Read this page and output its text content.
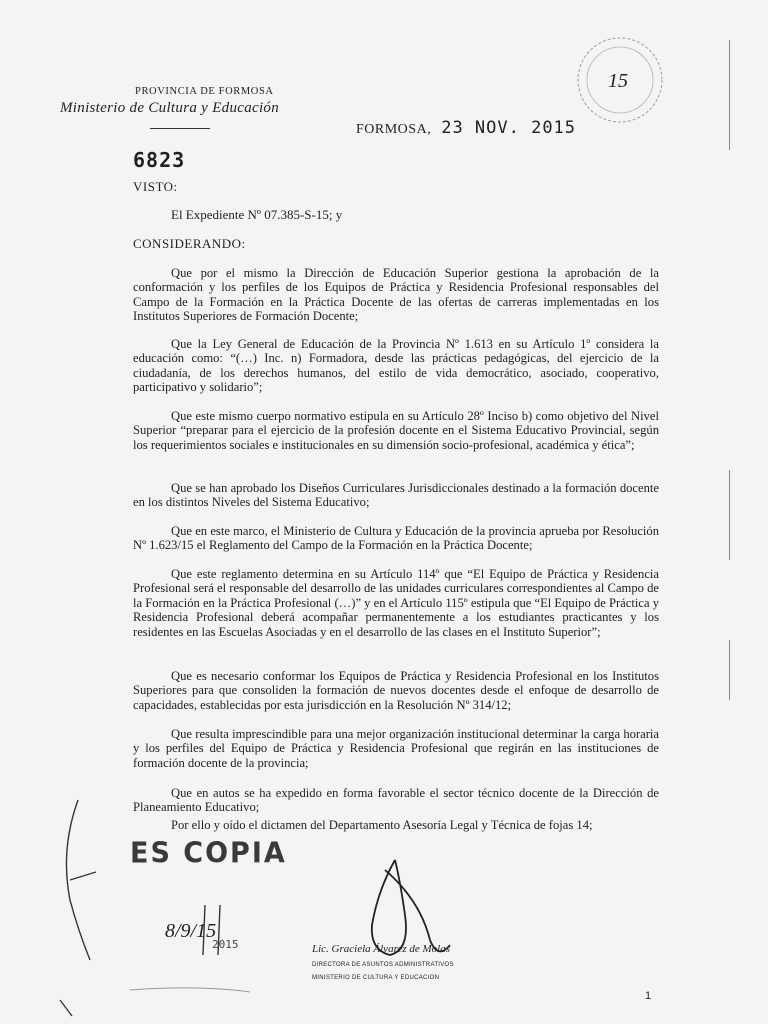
PROVINCIA DE FORMOSA
Ministerio de Cultura y Educación
FORMOSA, 23 NOV. 2015
15
6823
VISTO:
El Expediente Nº 07.385-S-15; y
CONSIDERANDO:
Que por el mismo la Dirección de Educación Superior gestiona la aprobación de la conformación y los perfiles de los Equipos de Práctica y Residencia Profesional responsables del Campo de la Formación en la Práctica Docente de las ofertas de carreras implementadas en los Institutos Superiores de Formación Docente;
Que la Ley General de Educación de la Provincia Nº 1.613 en su Artículo 1º considera la educación como: “(…) Inc. n) Formadora, desde las prácticas pedagógicas, del ejercicio de la ciudadanía, de los derechos humanos, del estilo de vida democrático, asociado, cooperativo, participativo y solidario”;
Que este mismo cuerpo normativo estipula en su Artículo 28º Inciso b) como objetivo del Nivel Superior “preparar para el ejercicio de la profesión docente en el Sistema Educativo Provincial, según los requerimientos sociales e institucionales en su dimensión socio-profesional, académica y ética”;
Que se han aprobado los Diseños Curriculares Jurisdiccionales destinado a la formación docente en los distintos Niveles del Sistema Educativo;
Que en este marco, el Ministerio de Cultura y Educación de la provincia aprueba por Resolución Nº 1.623/15 el Reglamento del Campo de la Formación en la Práctica Docente;
Que este reglamento determina en su Artículo 114º que “El Equipo de Práctica y Residencia Profesional será el responsable del desarrollo de las unidades curriculares correspondientes al Campo de la Formación en la Práctica Profesional (…)” y en el Artículo 115º estipula que “El Equipo de Práctica y Residencia Profesional deberá acompañar permanentemente a los estudiantes practicantes y los residentes en las Escuelas Asociadas y en el desarrollo de las clases en el Instituto Superior”;
Que es necesario conformar los Equipos de Práctica y Residencia Profesional en los Institutos Superiores para que consoliden la formación de nuevos docentes desde el enfoque de desarrollo de capacidades, establecidas por esta jurisdicción en la Resolución Nº 314/12;
Que resulta imprescindible para una mejor organización institucional determinar la carga horaria y los perfiles del Equipo de Práctica y Residencia Profesional que regirán en las instituciones de formación docente de la provincia;
Que en autos se ha expedido en forma favorable el sector técnico docente de la Dirección de Planeamiento Educativo;
Por ello y oído el dictamen del Departamento Asesoría Legal y Técnica de fojas 14;
ES COPIA
8/9/15
2015	Lic. Graciela Álvarez de Molas
DIRECTORA DE ASUNTOS ADMINISTRATIVOS
MINISTERIO DE CULTURA Y EDUCACION
1
